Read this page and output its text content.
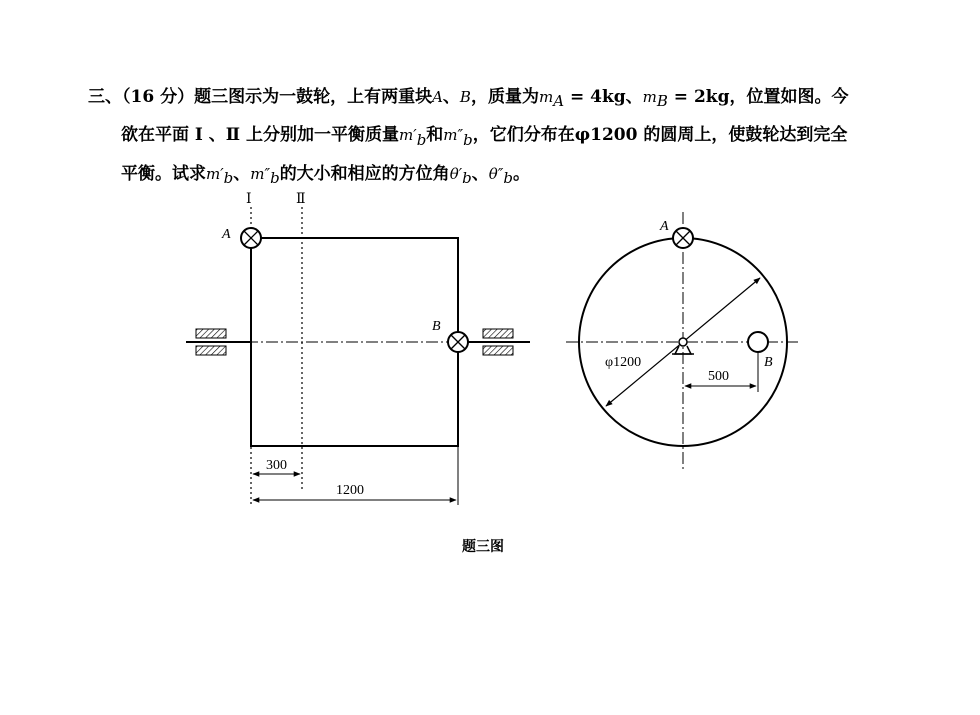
三、（16 分）题三图示为一鼓轮，上有两重块A、B，质量为$m_A = 4kg$、$m_B = 2kg$，位置如图。今
欲在平面 Ⅰ 、Ⅱ 上分别加一平衡质量$m'_b$和$m''_b$，它们分布在φ1200 的圆周上，使鼓轮达到完全
平衡。试求$m'_b$、$m''_b$的大小和相应的方位角$\theta'_b$、$\theta''_b$。
Ⅰ	Ⅱ
A
B
300
1200
φ1200
A
B
500
题三图
